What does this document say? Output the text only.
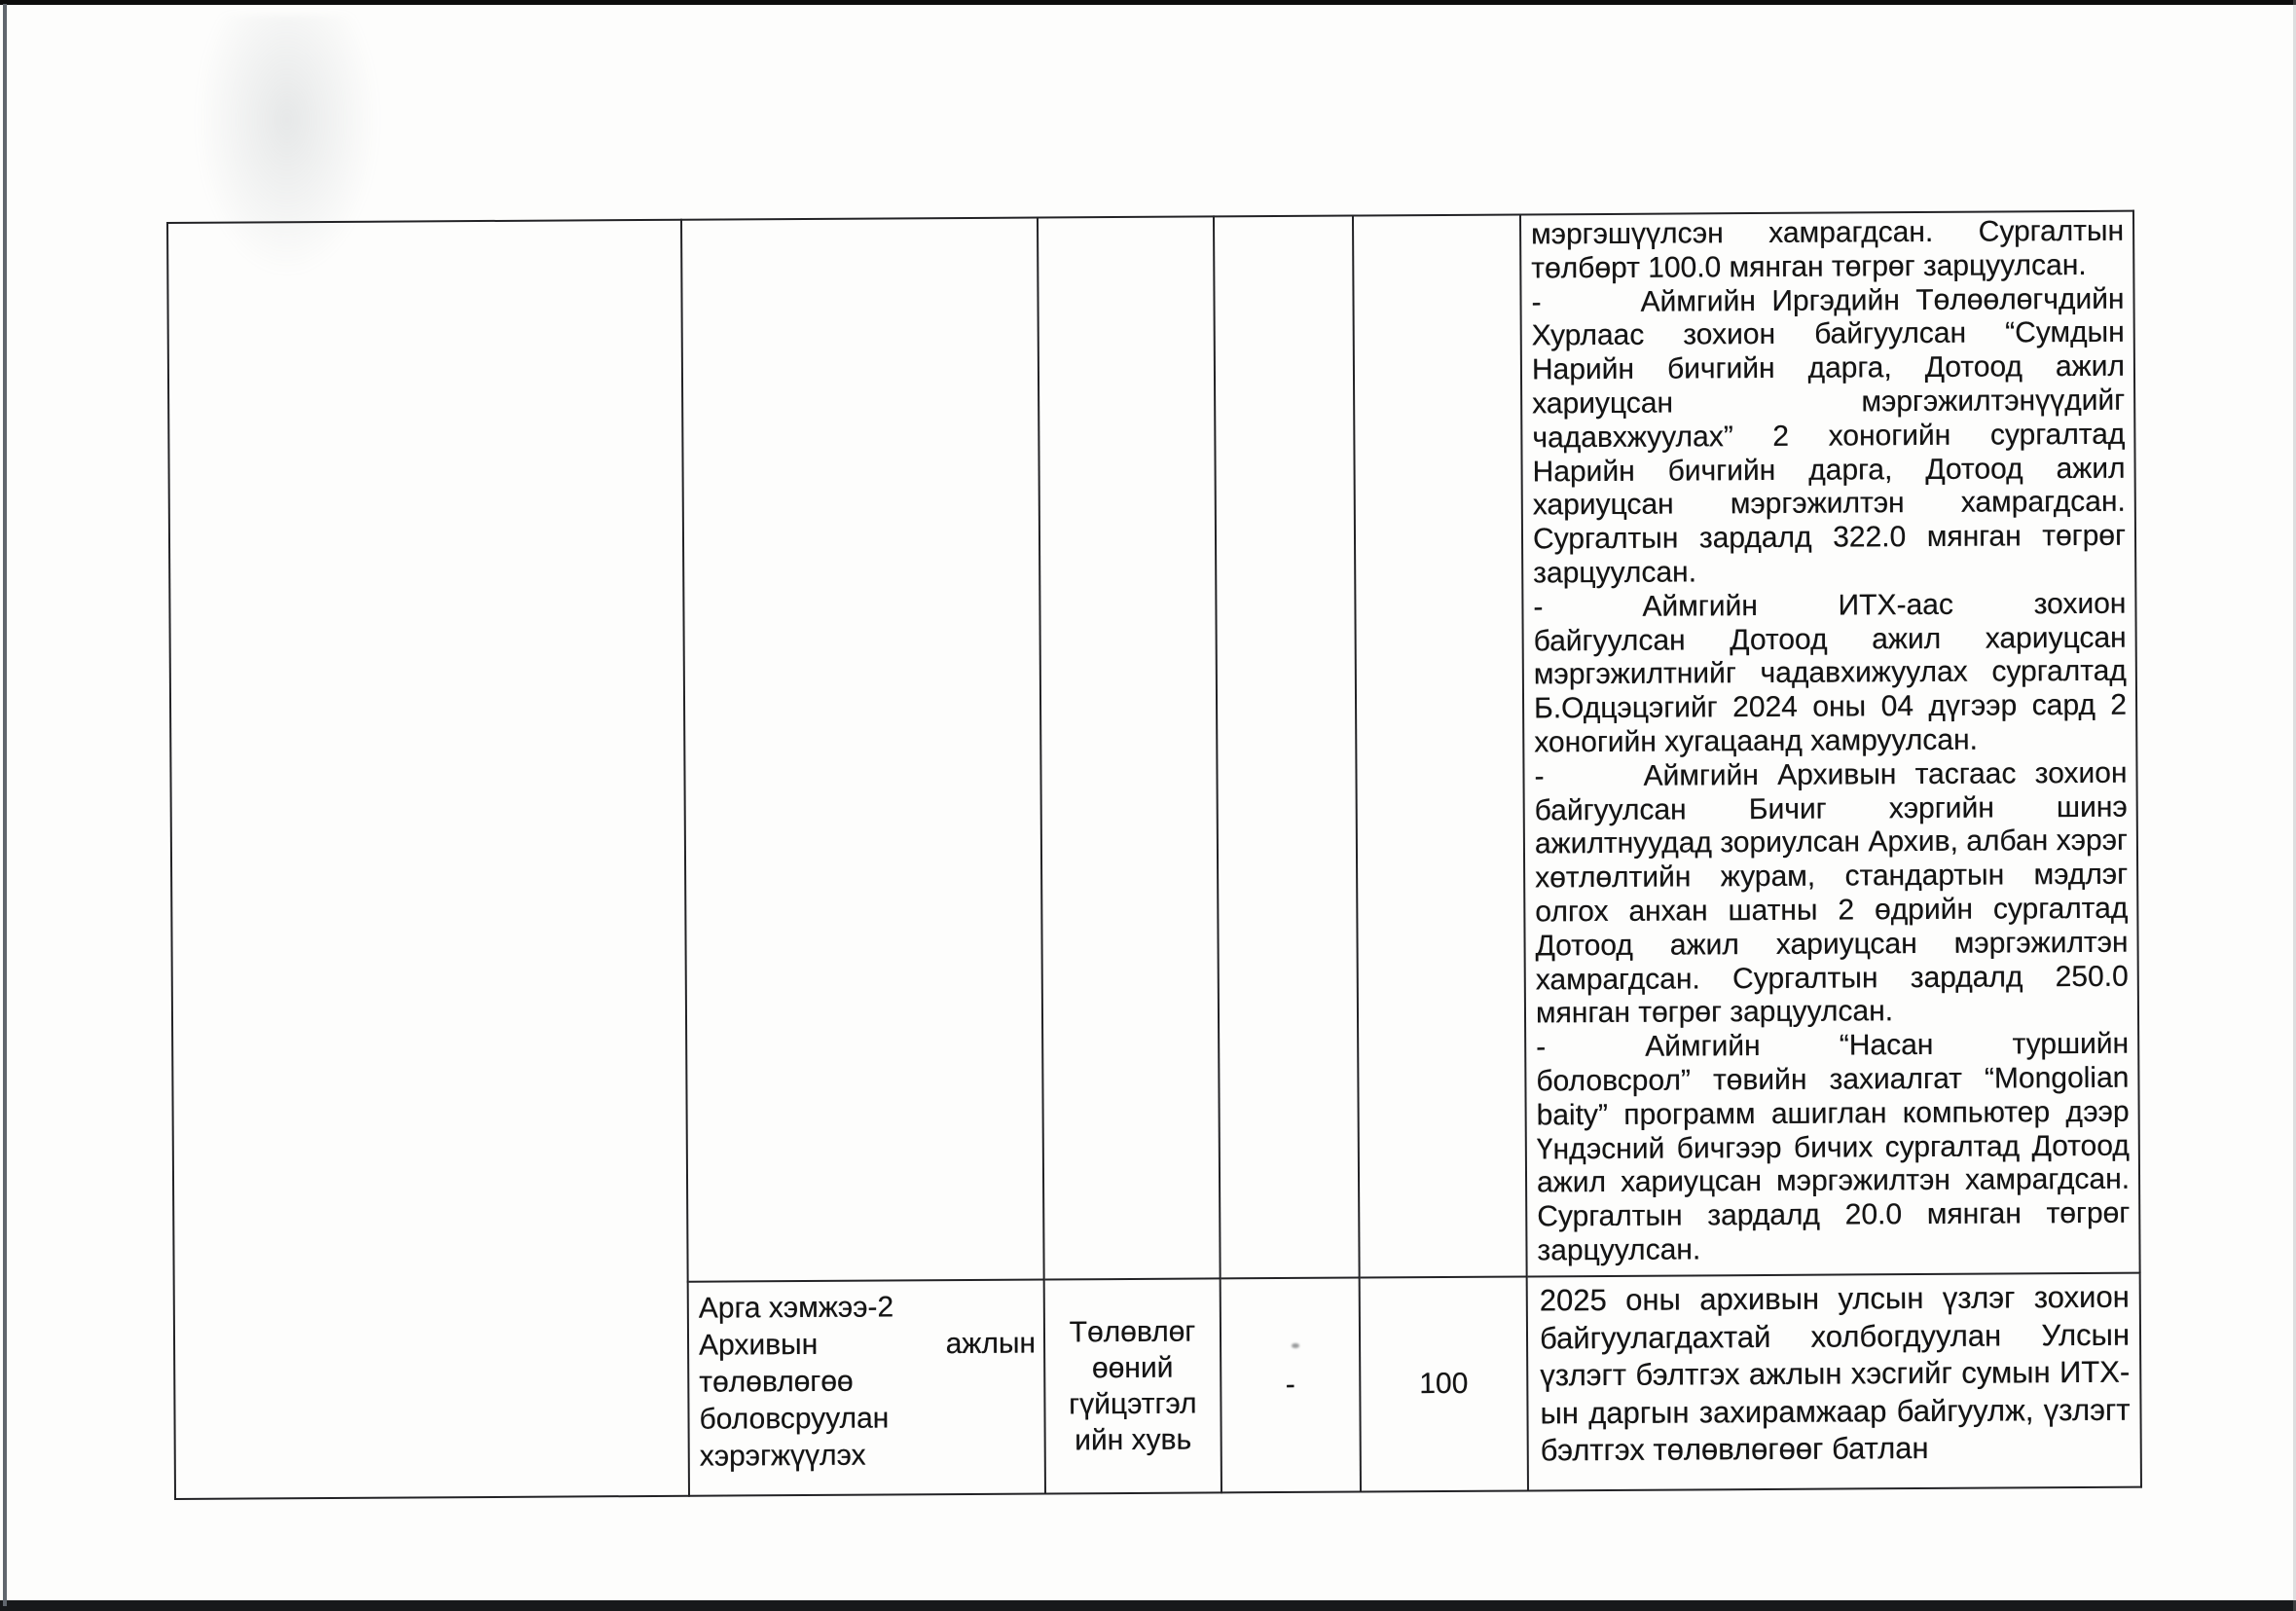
					мэргэшүүлсэн хамрагдсан. Сургалтын төлбөрт 100.0 мянган төгрөг зарцуулсан.

- Аймгийн Иргэдийн Төлөөлөгчдийн Хурлаас зохион байгуулсан “Сумдын Нарийн бичгийн дарга, Дотоод ажил хариуцсан мэргэжилтэнүүдийг чадавхжуулах” 2 хоногийн сургалтад Нарийн бичгийн дарга, Дотоод ажил хариуцсан мэргэжилтэн хамрагдсан. Сургалтын зардалд 322.0 мянган төгрөг зарцуулсан.

- Аймгийн ИТХ-аас зохион байгуулсан Дотоод ажил хариуцсан мэргэжилтнийг чадавхижуулах сургалтад Б.Одцэцэгийг 2024 оны 04 дүгээр сард 2 хоногийн хугацаанд хамруулсан.

- Аймгийн Архивын тасгаас зохион байгуулсан Бичиг хэргийн шинэ ажилтнуудад зориулсан Архив, албан хэрэг хөтлөлтийн журам, стандартын мэдлэг олгох анхан шатны 2 өдрийн сургалтад Дотоод ажил хариуцсан мэргэжилтэн хамрагдсан. Сургалтын зардалд 250.0 мянган төгрөг зарцуулсан.

- Аймгийн “Насан туршийн боловсрол” төвийн захиалгат “Mongolian baity” программ ашиглан компьютер дээр Үндэсний бичгээр бичих сургалтад Дотоод ажил хариуцсан мэргэжилтэн хамрагдсан. Сургалтын зардалд 20.0 мянган төгрөг зарцуулсан.

	Арга хэмжээ-2
Архивын ажлын төлөвлөгөө боловсруулан хэрэгжүүлэх	Төлөвлөг
өөний
гүйцэтгэл
ийн хувь	-	100	2025 оны архивын улсын үзлэг зохион байгуулагдахтай холбогдуулан Улсын үзлэгт бэлтгэх ажлын хэсгийг сумын ИТХ-ын даргын захирамжаар байгуулж, үзлэгт бэлтгэх төлөвлөгөөг батлан
